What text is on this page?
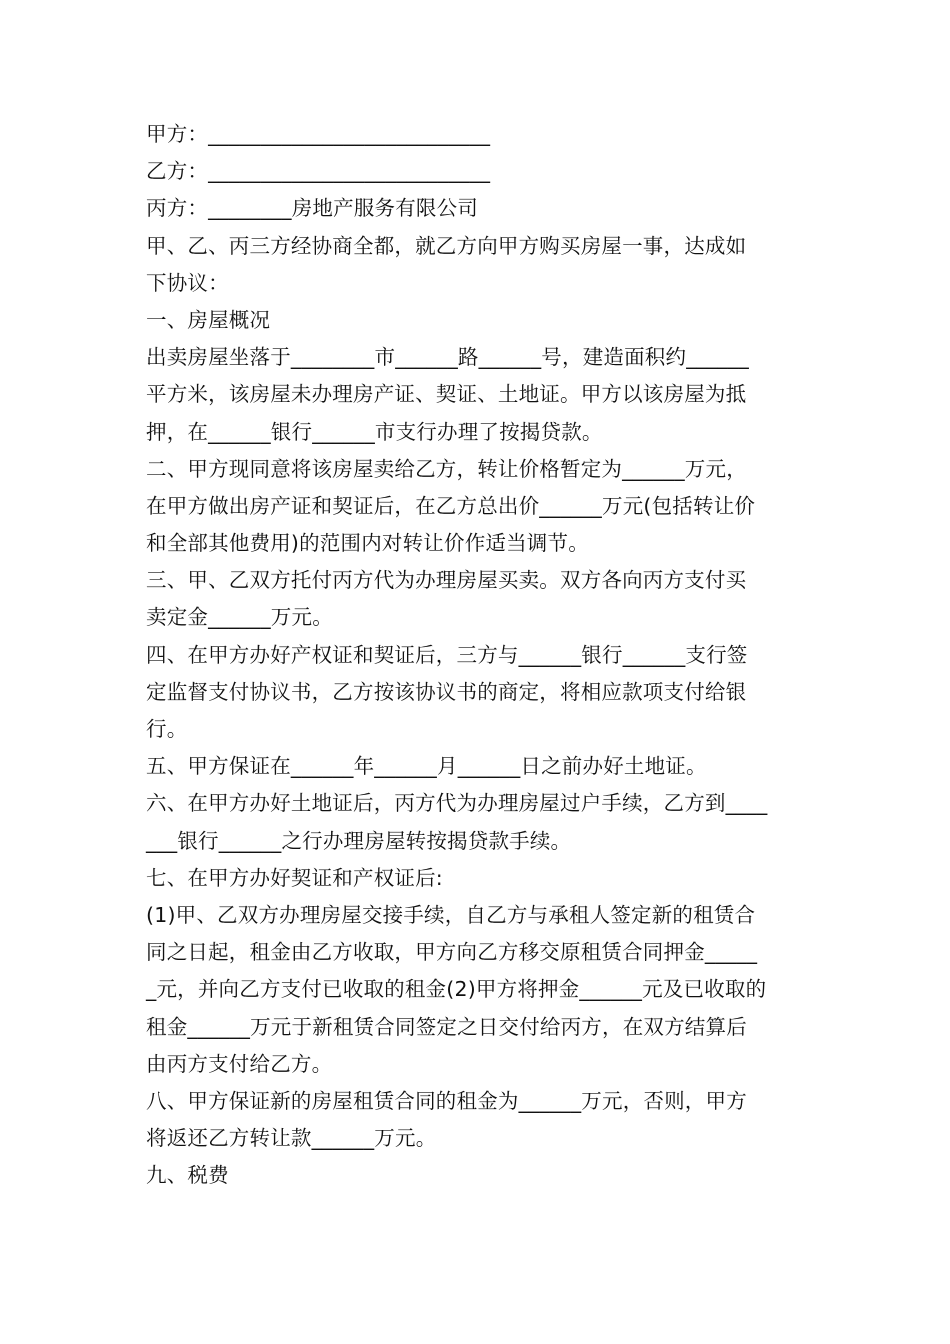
甲方：___________________________
乙方：___________________________
丙方：________房地产服务有限公司
甲、乙、丙三方经协商全都，就乙方向甲方购买房屋一事，达成如
下协议：
一、房屋概况
出卖房屋坐落于________市______路______号，建造面积约______
平方米，该房屋未办理房产证、契证、土地证。甲方以该房屋为抵
押，在______银行______市支行办理了按揭贷款。
二、甲方现同意将该房屋卖给乙方，转让价格暂定为______万元，
在甲方做出房产证和契证后，在乙方总出价______万元(包括转让价
和全部其他费用)的范围内对转让价作适当调节。
三、甲、乙双方托付丙方代为办理房屋买卖。双方各向丙方支付买
卖定金______万元。
四、在甲方办好产权证和契证后，三方与______银行______支行签
定监督支付协议书，乙方按该协议书的商定，将相应款项支付给银
行。
五、甲方保证在______年______月______日之前办好土地证。
六、在甲方办好土地证后，丙方代为办理房屋过户手续，乙方到____
___银行______之行办理房屋转按揭贷款手续。
七、在甲方办好契证和产权证后:
(1)甲、乙双方办理房屋交接手续，自乙方与承租人签定新的租赁合
同之日起，租金由乙方收取，甲方向乙方移交原租赁合同押金_____
_元，并向乙方支付已收取的租金(2)甲方将押金______元及已收取的
租金______万元于新租赁合同签定之日交付给丙方，在双方结算后
由丙方支付给乙方。
八、甲方保证新的房屋租赁合同的租金为______万元，否则，甲方
将返还乙方转让款______万元。
九、税费
